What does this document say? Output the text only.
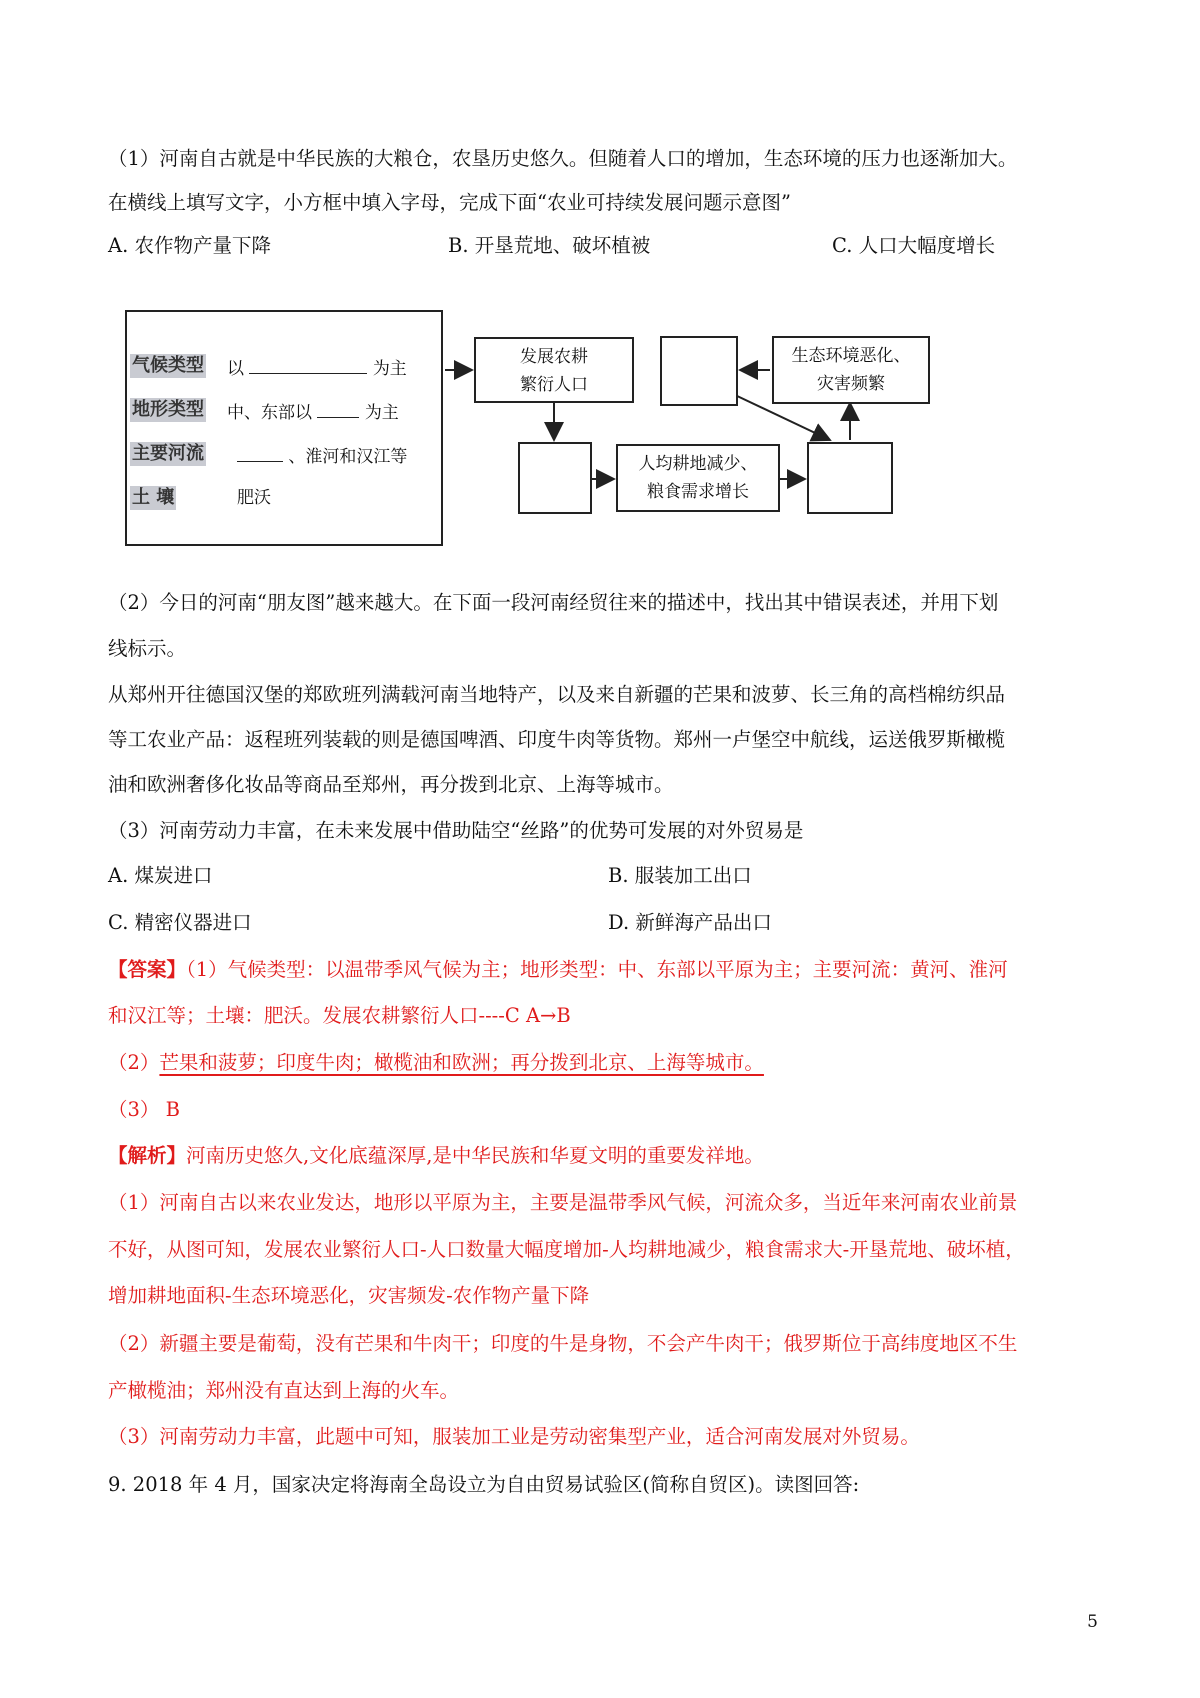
（1）河南自古就是中华民族的大粮仓，农垦历史悠久。但随着人口的增加，生态环境的压力也逐渐加大。
在横线上填写文字，小方框中填入字母，完成下面“农业可持续发展问题示意图”
A. 农作物产量下降	B. 开垦荒地、破坏植被	C. 人口大幅度增长
气候类型 以	为主
地形类型 中、东部以	为主
主要河流	、淮河和汉江等
土 壤	肥沃
发展农耕
繁衍人口
人均耕地减少、
粮食需求增长
生态环境恶化、
灾害频繁
（2）今日的河南“朋友图”越来越大。在下面一段河南经贸往来的描述中，找出其中错误表述，并用下划
线标示。
从郑州开往德国汉堡的郑欧班列满载河南当地特产，以及来自新疆的芒果和波萝、长三角的高档棉纺织品
等工农业产品：返程班列装载的则是德国啤酒、印度牛肉等货物。郑州一卢堡空中航线，运送俄罗斯橄榄
油和欧洲奢侈化妆品等商品至郑州，再分拨到北京、上海等城市。
（3）河南劳动力丰富，在未来发展中借助陆空“丝路”的优势可发展的对外贸易是
A. 煤炭进口	B. 服装加工出口
C. 精密仪器进口	D. 新鲜海产品出口
【答案】（1）气候类型：以温带季风气候为主；地形类型：中、东部以平原为主；主要河流：黄河、淮河
和汉江等；土壤：肥沃。发展农耕繁衍人口----C A→B
（2）芒果和菠萝；印度牛肉；橄榄油和欧洲；再分拨到北京、上海等城市。
（3） B
【解析】河南历史悠久,文化底蕴深厚,是中华民族和华夏文明的重要发祥地。
（1）河南自古以来农业发达，地形以平原为主，主要是温带季风气候，河流众多，当近年来河南农业前景
不好，从图可知，发展农业繁衍人口-人口数量大幅度增加-人均耕地减少，粮食需求大-开垦荒地、破坏植，
增加耕地面积-生态环境恶化，灾害频发-农作物产量下降
（2）新疆主要是葡萄，没有芒果和牛肉干；印度的牛是身物，不会产牛肉干；俄罗斯位于高纬度地区不生
产橄榄油；郑州没有直达到上海的火车。
（3）河南劳动力丰富，此题中可知，服装加工业是劳动密集型产业，适合河南发展对外贸易。
9. 2018 年 4 月，国家决定将海南全岛设立为自由贸易试验区(简称自贸区)。读图回答:
5
